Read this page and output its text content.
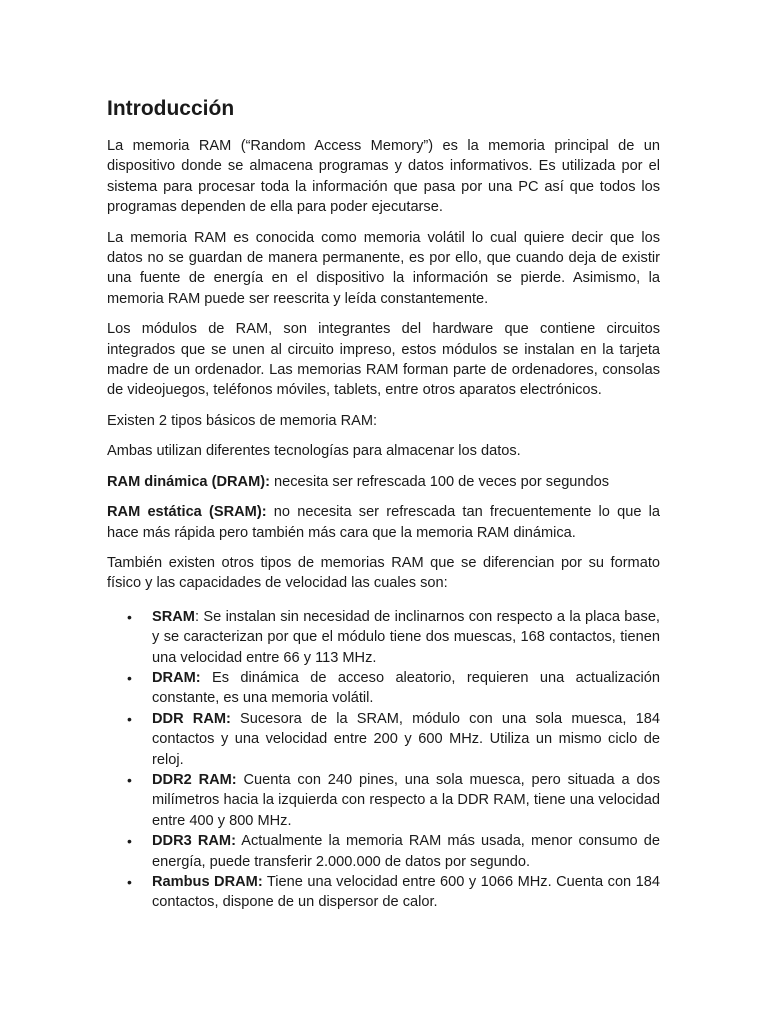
Introducción

La memoria RAM (“Random Access Memory”) es la memoria principal de un dispositivo donde se almacena programas y datos informativos. Es utilizada por el sistema para procesar toda la información que pasa por una PC así que todos los programas dependen de ella para poder ejecutarse.

La memoria RAM es conocida como memoria volátil lo cual quiere decir que los datos no se guardan de manera permanente, es por ello, que cuando deja de existir una fuente de energía en el dispositivo la información se pierde. Asimismo, la memoria RAM puede ser reescrita y leída constantemente.

Los módulos de RAM, son integrantes del hardware que contiene circuitos integrados que se unen al circuito impreso, estos módulos se instalan en la tarjeta madre de un ordenador. Las memorias RAM forman parte de ordenadores, consolas de videojuegos, teléfonos móviles, tablets, entre otros aparatos electrónicos.

Existen 2 tipos básicos de memoria RAM:

Ambas utilizan diferentes tecnologías para almacenar los datos.

RAM dinámica (DRAM): necesita ser refrescada 100 de veces por segundos

RAM estática (SRAM): no necesita ser refrescada tan frecuentemente lo que la hace más rápida pero también más cara que la memoria RAM dinámica.

También existen otros tipos de memorias RAM que se diferencian por su formato físico y las capacidades de velocidad las cuales son:

• SRAM: Se instalan sin necesidad de inclinarnos con respecto a la placa base, y se caracterizan por que el módulo tiene dos muescas, 168 contactos, tienen una velocidad entre 66 y 113 MHz.
• DRAM: Es dinámica de acceso aleatorio, requieren una actualización constante, es una memoria volátil.
• DDR RAM: Sucesora de la SRAM, módulo con una sola muesca, 184 contactos y una velocidad entre 200 y 600 MHz. Utiliza un mismo ciclo de reloj.
• DDR2 RAM: Cuenta con 240 pines, una sola muesca, pero situada a dos milímetros hacia la izquierda con respecto a la DDR RAM, tiene una velocidad entre 400 y 800 MHz.
• DDR3 RAM: Actualmente la memoria RAM más usada, menor consumo de energía, puede transferir 2.000.000 de datos por segundo.
• Rambus DRAM: Tiene una velocidad entre 600 y 1066 MHz. Cuenta con 184 contactos, dispone de un dispersor de calor.
